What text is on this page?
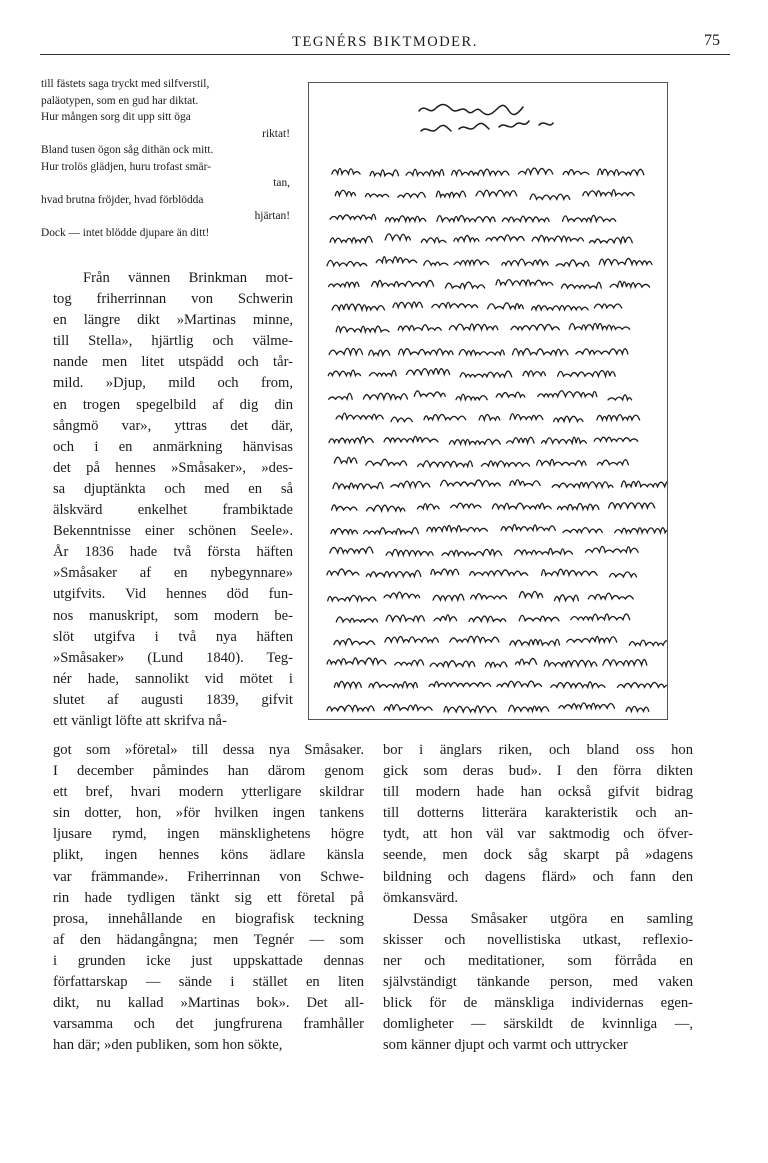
TEGNÉRS BIKTMODER.	75
till fästets saga tryckt med silfverstil,
paläotypen, som en gud har diktat.
Hur mången sorg dit upp sitt öga
riktat!
Bland tusen ögon såg dithän ock mitt.
Hur trolös glädjen, huru trofast smär-
tan,
hvad brutna fröjder, hvad förblödda
hjärtan!
Dock — intet blödde djupare än ditt!
Från vännen Brinkman mot-
tog friherrinnan von Schwerin
en längre dikt »Martinas minne,
till Stella», hjärtlig och välme-
nande men litet utspädd och tår-
mild. »Djup, mild och from,
en trogen spegelbild af dig din
sångmö var», yttras det där,
och i en anmärkning hänvisas
det på hennes »Småsaker», »des-
sa djuptänkta och med en så
älskvärd enkelhet frambiktade
Bekenntnisse einer schönen Seele».
År 1836 hade två första häften
»Småsaker af en nybegynnare»
utgifvits. Vid hennes död fun-
nos manuskript, som modern be-
slöt utgifva i två nya häften
»Småsaker» (Lund 1840). Teg-
nér hade, sannolikt vid mötet i
slutet af augusti 1839, gifvit
ett vänligt löfte att skrifva nå-
got som »företal» till dessa nya Småsaker.
I december påmindes han därom genom
ett bref, hvari modern ytterligare skildrar
sin dotter, hon, »för hvilken ingen tankens
ljusare rymd, ingen mänsklighetens högre
plikt, ingen hennes köns ädlare känsla
var främmande». Friherrinnan von Schwe-
rin hade tydligen tänkt sig ett företal på
prosa, innehållande en biografisk teckning
af den hädangångna; men Tegnér — som
i grunden icke just uppskattade dennas
författarskap — sände i stället en liten
dikt, nu kallad »Martinas bok». Det all-
varsamma och det jungfrurena framhåller
han där; »den publiken, som hon sökte,
bor i änglars riken, och bland oss hon
gick som deras bud». I den förra dikten
till modern hade han också gifvit bidrag
till dotterns litterära karakteristik och an-
tydt, att hon väl var saktmodig och öfver-
seende, men dock såg skarpt på »dagens
bildning och dagens flärd» och fann den
ömkansvärd.
Dessa Småsaker utgöra en samling
skisser och novellistiska utkast, reflexio-
ner och meditationer, som förråda en
självständigt tänkande person, med vaken
blick för de mänskliga individernas egen-
domligheter — särskildt de kvinnliga —,
som känner djupt och varmt och uttrycker
